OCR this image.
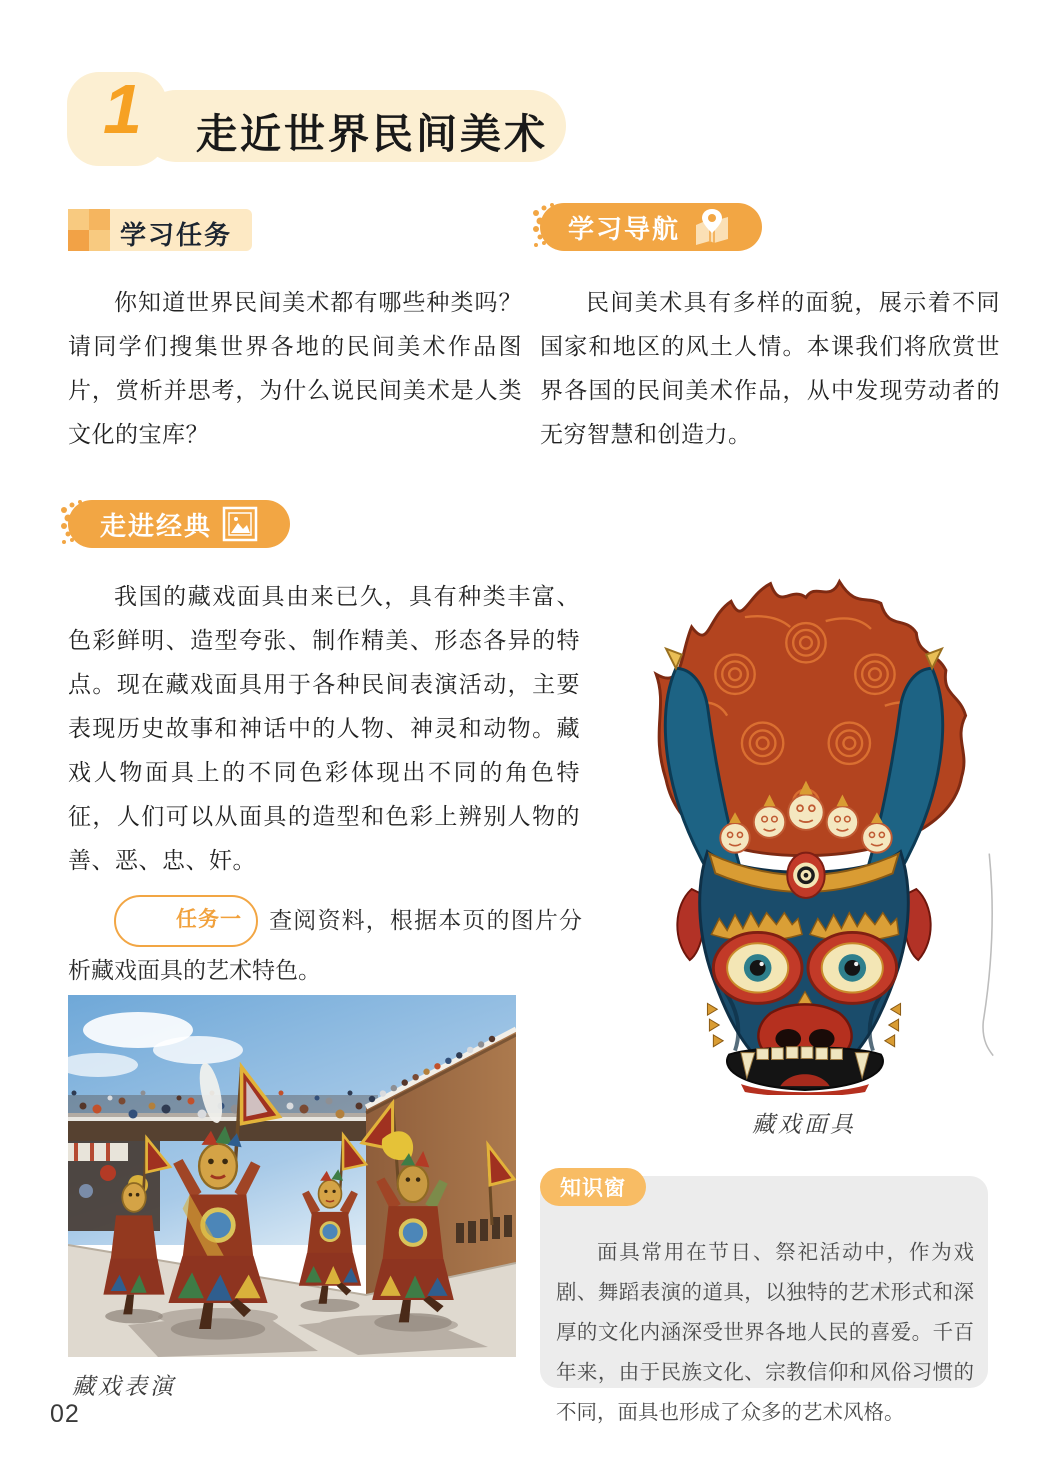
1 走近世界民间美术
学习任务	学习导航

你知道世界民间美术都有哪些种类吗？请同学们搜集世界各地的民间美术作品图片，赏析并思考，为什么说民间美术是人类文化的宝库？

民间美术具有多样的面貌，展示着不同国家和地区的风土人情。本课我们将欣赏世界各国的民间美术作品，从中发现劳动者的无穷智慧和创造力。

走进经典

我国的藏戏面具由来已久，具有种类丰富、色彩鲜明、造型夸张、制作精美、形态各异的特点。现在藏戏面具用于各种民间表演活动，主要表现历史故事和神话中的人物、神灵和动物。藏戏人物面具上的不同色彩体现出不同的角色特征，人们可以从面具的造型和色彩上辨别人物的善、恶、忠、奸。

任务一 查阅资料，根据本页的图片分析藏戏面具的艺术特色。

藏戏表演
藏戏面具
知识窗

面具常用在节日、祭祀活动中，作为戏剧、舞蹈表演的道具，以独特的艺术形式和深厚的文化内涵深受世界各地人民的喜爱。千百年来，由于民族文化、宗教信仰和风俗习惯的不同，面具也形成了众多的艺术风格。

02
